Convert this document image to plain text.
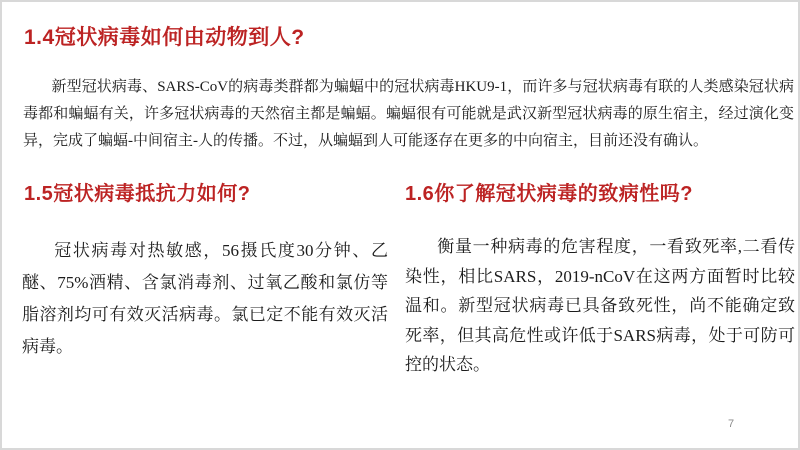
1.4冠状病毒如何由动物到人?
新型冠状病毒、SARS-CoV的病毒类群都为蝙蝠中的冠状病毒HKU9-1，而许多与冠状病毒有联的人类感染冠状病毒都和蝙蝠有关，许多冠状病毒的天然宿主都是蝙蝠。蝙蝠很有可能就是武汉新型冠状病毒的原生宿主，经过演化变异，完成了蝙蝠-中间宿主-人的传播。不过，从蝙蝠到人可能逐存在更多的中向宿主，目前还没有确认。
1.5冠状病毒抵抗力如何?
冠状病毒对热敏感，56摄氏度30分钟、乙醚、75%酒精、含氯消毒剂、过氧乙酸和氯仿等脂溶剂均可有效灭活病毒。氯已定不能有效灭活病毒。
1.6你了解冠状病毒的致病性吗?
衡量一种病毒的危害程度，一看致死率,二看传染性，相比SARS，2019-nCoV在这两方面暂时比较温和。新型冠状病毒已具备致死性，尚不能确定致死率，但其高危性或许低于SARS病毒，处于可防可控的状态。
7
